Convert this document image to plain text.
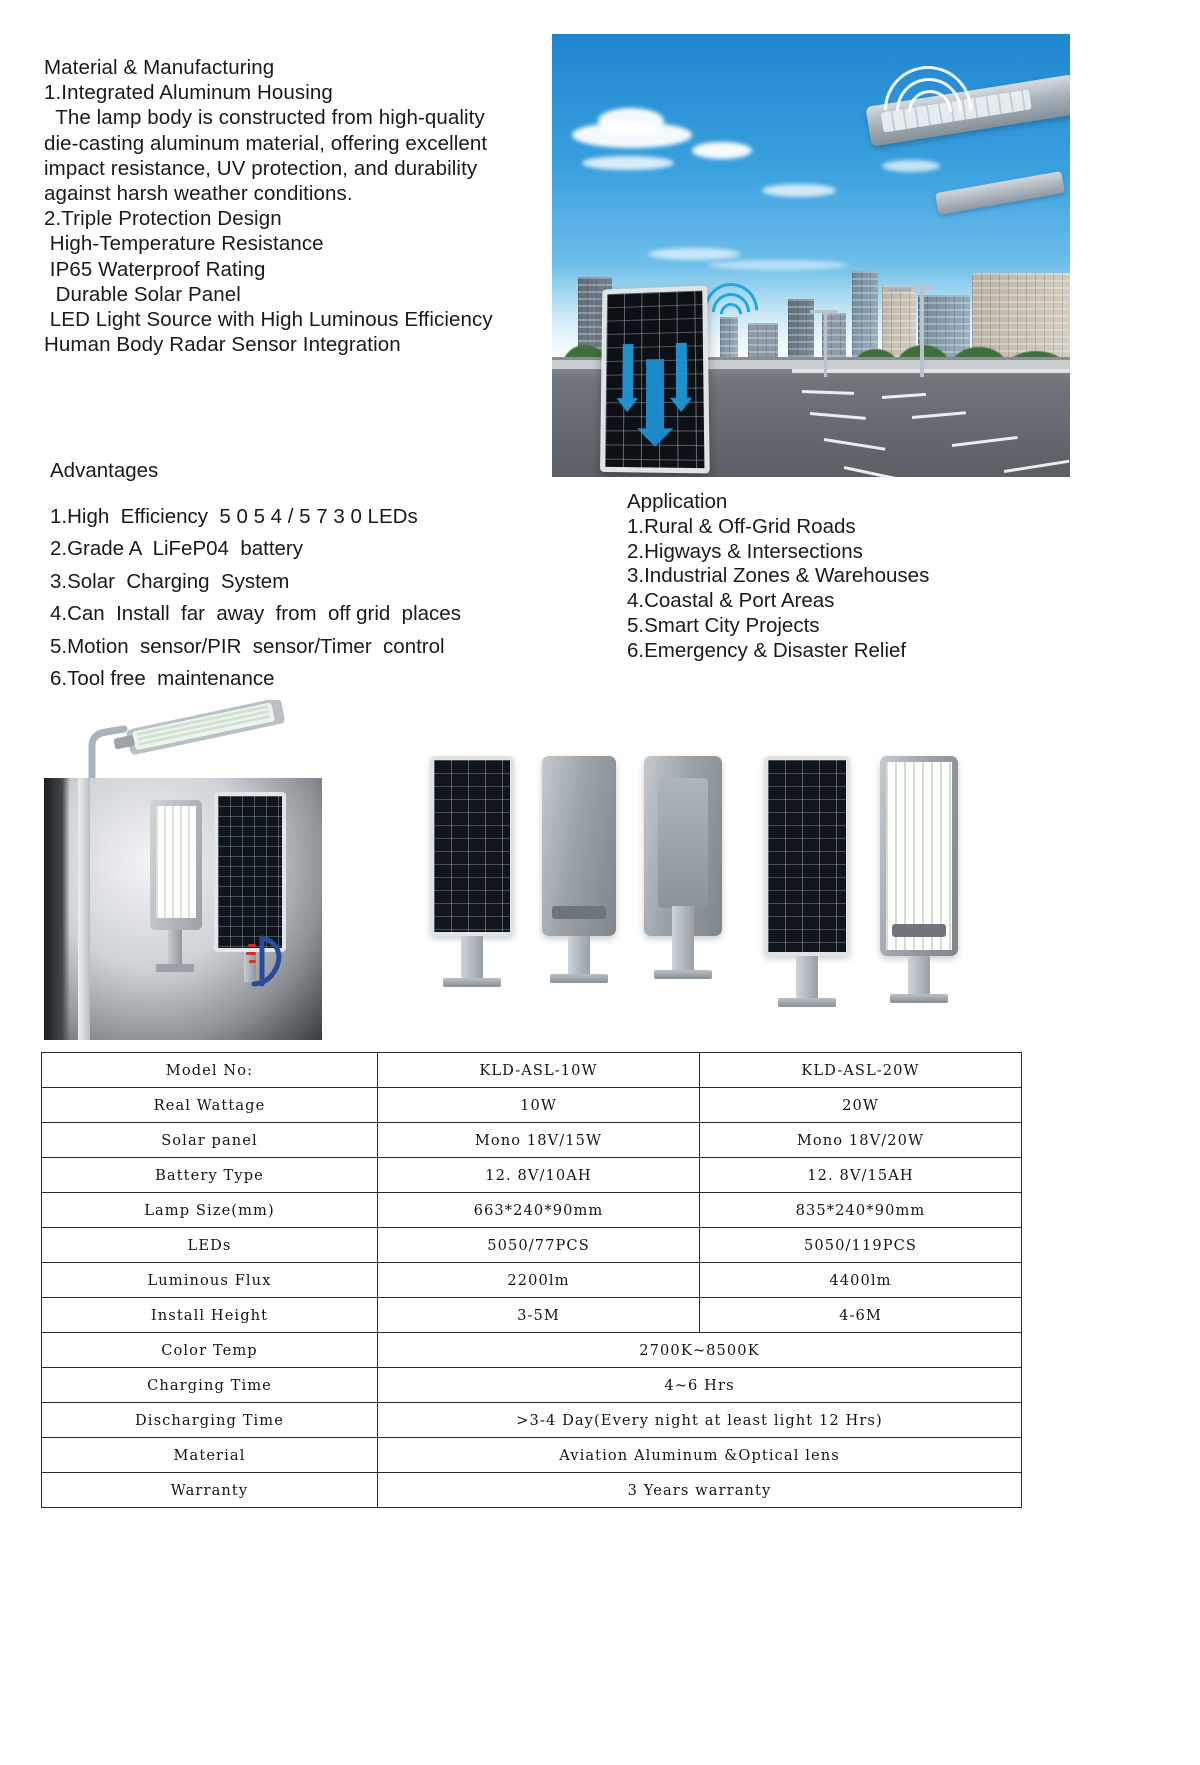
Material & Manufacturing
1.Integrated Aluminum Housing
The lamp body is constructed from high-quality
die-casting aluminum material, offering excellent
impact resistance, UV protection, and durability
against harsh weather conditions.
2.Triple Protection Design
High-Temperature Resistance
IP65 Waterproof Rating
Durable Solar Panel
LED Light Source with High Luminous Efficiency
Human Body Radar Sensor Integration
Advantages
1.High  Efficiency  5 0 5 4 / 5 7 3 0 LEDs
2.Grade A  LiFeP04  battery
3.Solar  Charging  System
4.Can  Install  far  away  from  off grid  places
5.Motion  sensor/PIR  sensor/Timer  control
6.Tool free  maintenance
Application
1.Rural & Off-Grid Roads
2.Higways & Intersections
3.Industrial Zones & Warehouses
4.Coastal & Port Areas
5.Smart City Projects
6.Emergency & Disaster Relief
Model No:	KLD-ASL-10W	KLD-ASL-20W
Real Wattage	10W	20W
Solar panel	Mono 18V/15W	Mono 18V/20W
Battery Type	12. 8V/10AH	12. 8V/15AH
Lamp Size(mm)	663*240*90mm	835*240*90mm
LEDs	5050/77PCS	5050/119PCS
Luminous Flux	2200lm	4400lm
Install Height	3-5M	4-6M
Color Temp	2700K~8500K	
Charging Time	4~6 Hrs	
Discharging Time	>3-4 Day(Every night at least light 12 Hrs)	
Material	Aviation Aluminum &Optical lens	
Warranty	3 Years warranty	
